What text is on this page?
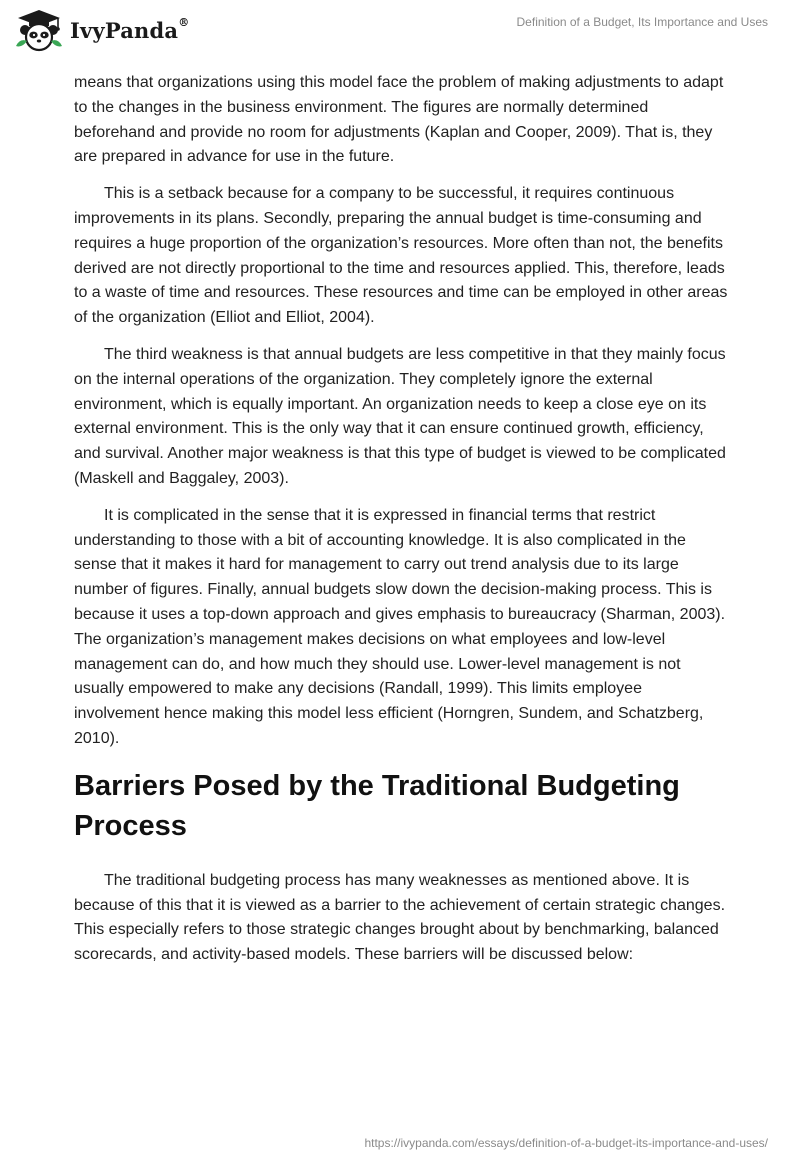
IvyPanda®	Definition of a Budget, Its Importance and Uses

means that organizations using this model face the problem of making adjustments to adapt to the changes in the business environment. The figures are normally determined beforehand and provide no room for adjustments (Kaplan and Cooper, 2009). That is, they are prepared in advance for use in the future.

This is a setback because for a company to be successful, it requires continuous improvements in its plans. Secondly, preparing the annual budget is time-consuming and requires a huge proportion of the organization’s resources. More often than not, the benefits derived are not directly proportional to the time and resources applied. This, therefore, leads to a waste of time and resources. These resources and time can be employed in other areas of the organization (Elliot and Elliot, 2004).

The third weakness is that annual budgets are less competitive in that they mainly focus on the internal operations of the organization. They completely ignore the external environment, which is equally important. An organization needs to keep a close eye on its external environment. This is the only way that it can ensure continued growth, efficiency, and survival. Another major weakness is that this type of budget is viewed to be complicated (Maskell and Baggaley, 2003).

It is complicated in the sense that it is expressed in financial terms that restrict understanding to those with a bit of accounting knowledge. It is also complicated in the sense that it makes it hard for management to carry out trend analysis due to its large number of figures. Finally, annual budgets slow down the decision-making process. This is because it uses a top-down approach and gives emphasis to bureaucracy (Sharman, 2003). The organization’s management makes decisions on what employees and low-level management can do, and how much they should use. Lower-level management is not usually empowered to make any decisions (Randall, 1999). This limits employee involvement hence making this model less efficient (Horngren, Sundem, and Schatzberg, 2010).

Barriers Posed by the Traditional Budgeting Process

The traditional budgeting process has many weaknesses as mentioned above. It is because of this that it is viewed as a barrier to the achievement of certain strategic changes. This especially refers to those strategic changes brought about by benchmarking, balanced scorecards, and activity-based models. These barriers will be discussed below:

https://ivypanda.com/essays/definition-of-a-budget-its-importance-and-uses/
